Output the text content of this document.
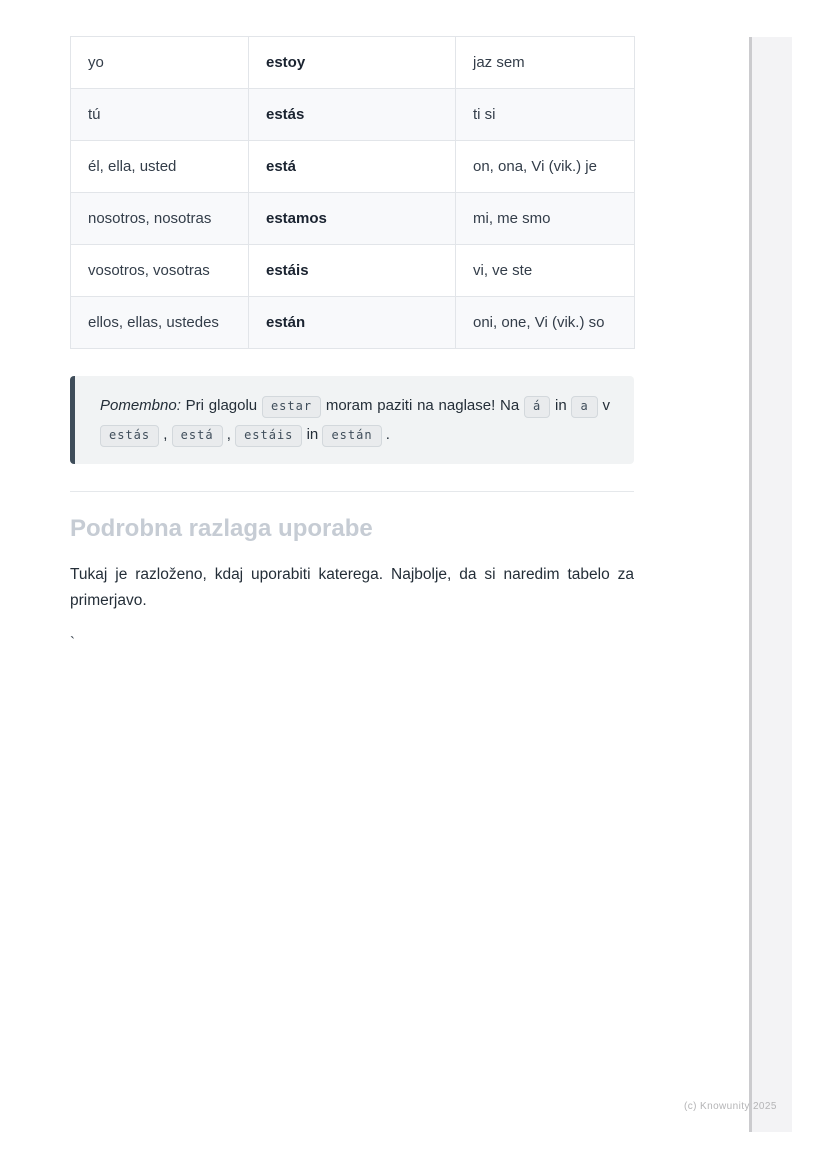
yo	estoy	jaz sem
tú	estás	ti si
él, ella, usted	está	on, ona, Vi (vik.) je
nosotros, nosotras	estamos	mi, me smo
vosotros, vosotras	estáis	vi, ve ste
ellos, ellas, ustedes	están	oni, one, Vi (vik.) so

Pomembno: Pri glagolu estar moram paziti na naglase! Na á in a v estás , está , estáis in están .

Podrobna razlaga uporabe

Tukaj je razloženo, kdaj uporabiti katerega. Najbolje, da si naredim tabelo za primerjavo.

`

(c) Knowunity 2025
